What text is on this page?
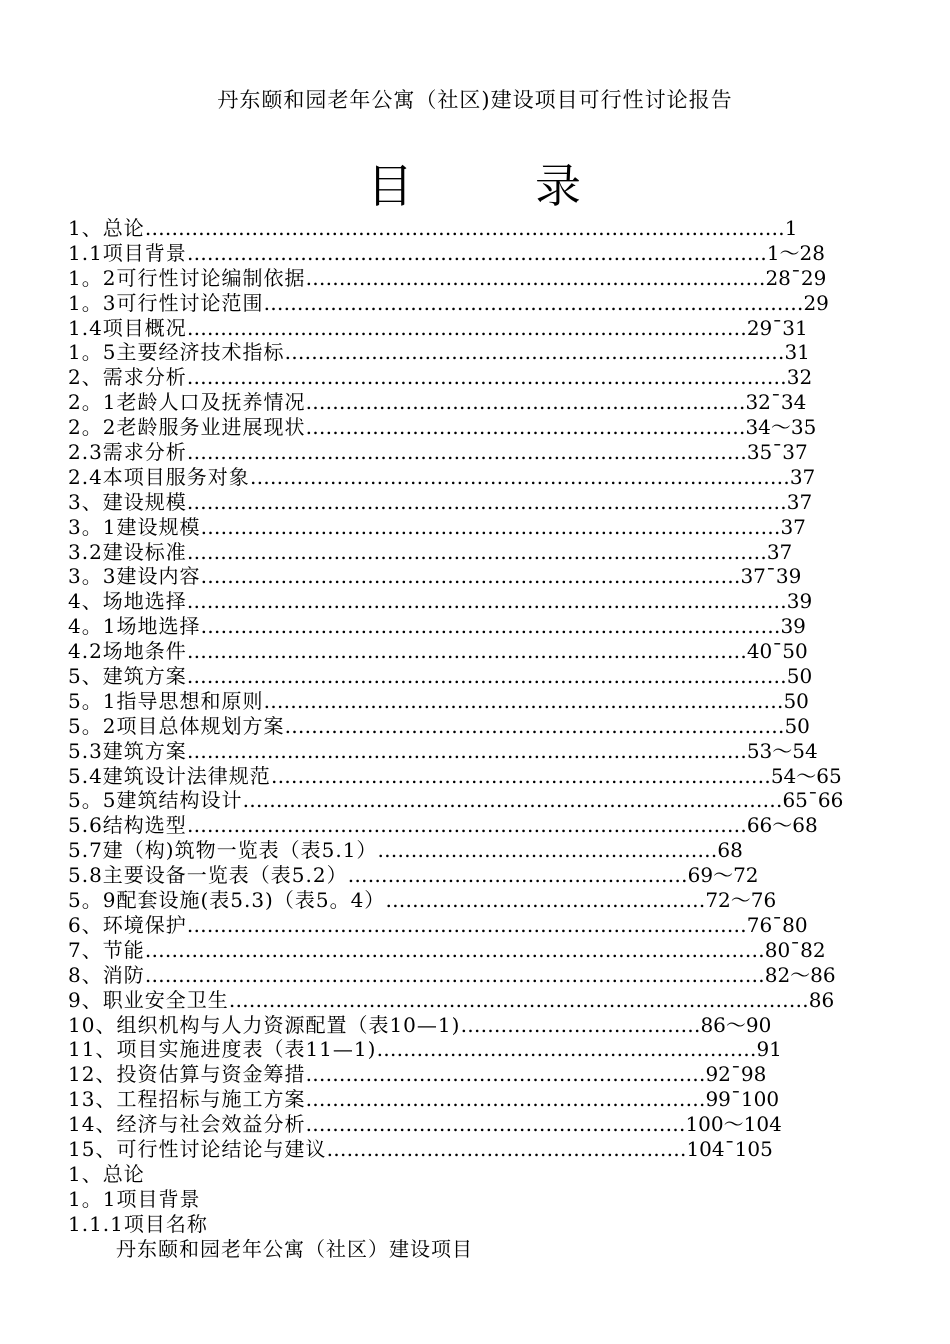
丹东颐和园老年公寓（社区)建设项目可行性讨论报告
目	录
1、总论……………………………………………………………………………………1
1.1项目背景……………………………………………………………………………1～28
1。2可行性讨论编制依据……………………………………………………………28¯29
1。3可行性讨论范围………………………………………………………………………29
1.4项目概况…………………………………………………………………………29¯31
1。5主要经济技术指标…………………………………………………………………31
2、需求分析………………………………………………………………………………32
2。1老龄人口及抚养情况…………………………………………………………32¯34
2。2老龄服务业进展现状…………………………………………………………34～35
2.3需求分析…………………………………………………………………………35¯37
2.4本项目服务对象………………………………………………………………………37
3、建设规模………………………………………………………………………………37
3。1建设规模……………………………………………………………………………37
3.2建设标准……………………………………………………………………………37
3。3建设内容………………………………………………………………………37¯39
4、场地选择………………………………………………………………………………39
4。1场地选择……………………………………………………………………………39
4.2场地条件…………………………………………………………………………40¯50
5、建筑方案………………………………………………………………………………50
5。1指导思想和原则……………………………………………………………………50
5。2项目总体规划方案…………………………………………………………………50
5.3建筑方案…………………………………………………………………………53～54
5.4建筑设计法律规范…………………………………………………………………54～65
5。5建筑结构设计………………………………………………………………………65¯66
5.6结构选型…………………………………………………………………………66～68
5.7建（构)筑物一览表（表5.1）……………………………………………68
5.8主要设备一览表（表5.2）……………………………………………69～72
5。9配套设施(表5.3)（表5。4）…………………………………………72～76
6、环境保护…………………………………………………………………………76¯80
7、节能…………………………………………………………………………………80¯82
8、消防…………………………………………………………………………………82～86
9、职业安全卫生……………………………………………………………………………86
10、组织机构与人力资源配置（表10—1)………………………………86～90
11、项目实施进度表（表11—1)…………………………………………………91
12、投资估算与资金筹措……………………………………………………92¯98
13、工程招标与施工方案……………………………………………………99¯100
14、经济与社会效益分析…………………………………………………100～104
15、可行性讨论结论与建议………………………………………………104¯105
1、总论
1。1项目背景
1.1.1项目名称
丹东颐和园老年公寓（社区）建设项目
